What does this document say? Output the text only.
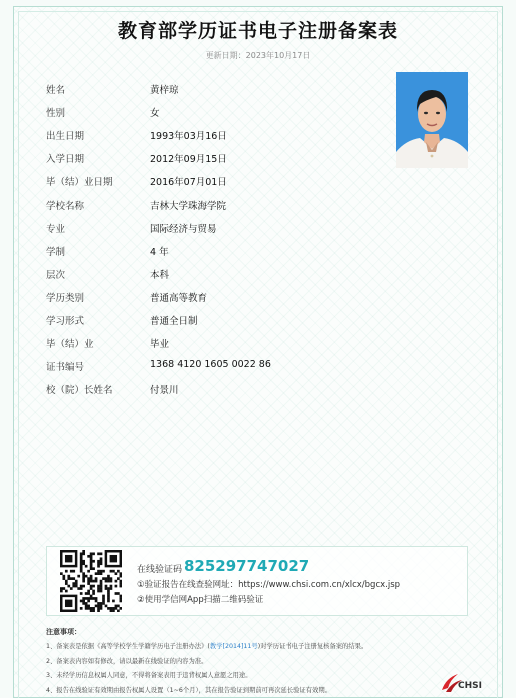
教育部学历证书电子注册备案表
更新日期：2023年10月17日
姓名	黄梓琼
性别	女
出生日期	1993年03月16日
入学日期	2012年09月15日
毕（结）业日期	2016年07月01日
学校名称	吉林大学珠海学院
专业	国际经济与贸易
学制	4 年
层次	本科
学历类别	普通高等教育
学习形式	普通全日制
毕（结）业	毕业
证书编号	1368 4120 1605 0022 86
校（院）长姓名	付景川
在线验证码 825297747027
①验证报告在线查验网址：https://www.chsi.com.cn/xlcx/bgcx.jsp
②使用学信网App扫描二维码验证
注意事项：
1、备案表是依据《高等学校学生学籍学历电子注册办法》(教学[2014]11号)对学历证书电子注册复核备案的结果。
2、备案表内容如有修改，请以最新在线验证的内容为准。
3、未经学历信息权属人同意，不得将备案表用于违背权属人意愿之用途。
4、报告在线验证有效期由报告权属人设置（1~6个月），其在报告验证到期前可再次延长验证有效期。	CHSI
